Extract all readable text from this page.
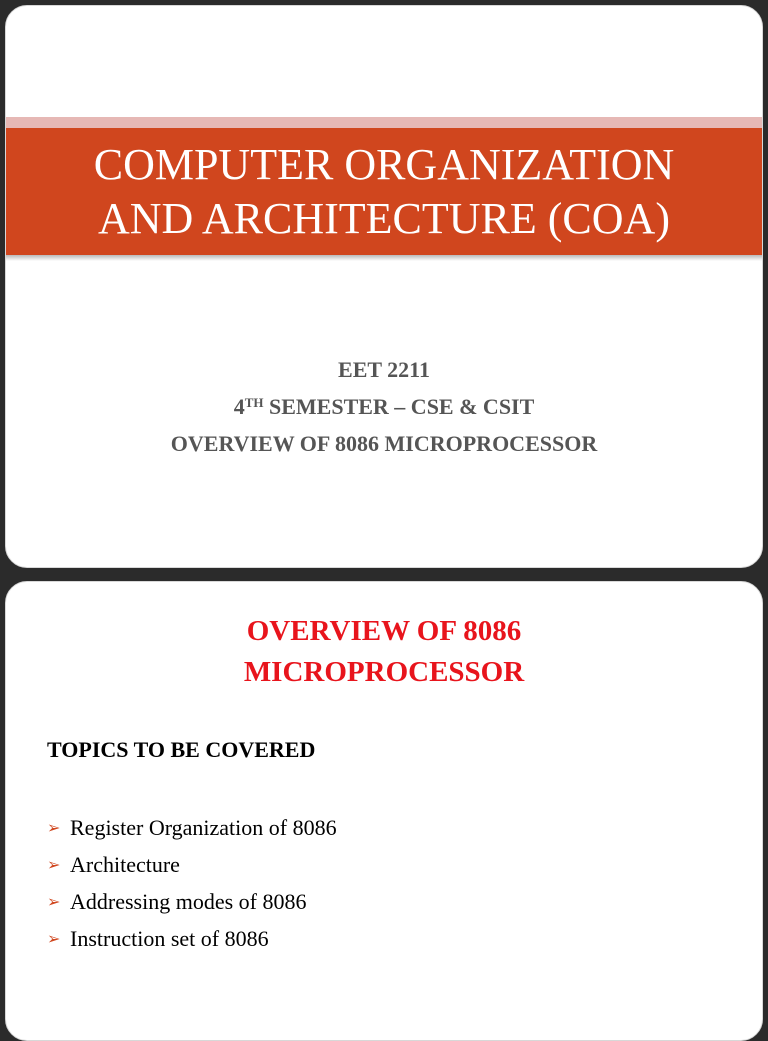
COMPUTER ORGANIZATION
AND ARCHITECTURE (COA)
EET 2211
4TH SEMESTER – CSE & CSIT
OVERVIEW OF 8086 MICROPROCESSOR
OVERVIEW OF 8086
MICROPROCESSOR
TOPICS TO BE COVERED
➢ Register Organization of 8086
➢ Architecture
➢ Addressing modes of 8086
➢ Instruction set of 8086
